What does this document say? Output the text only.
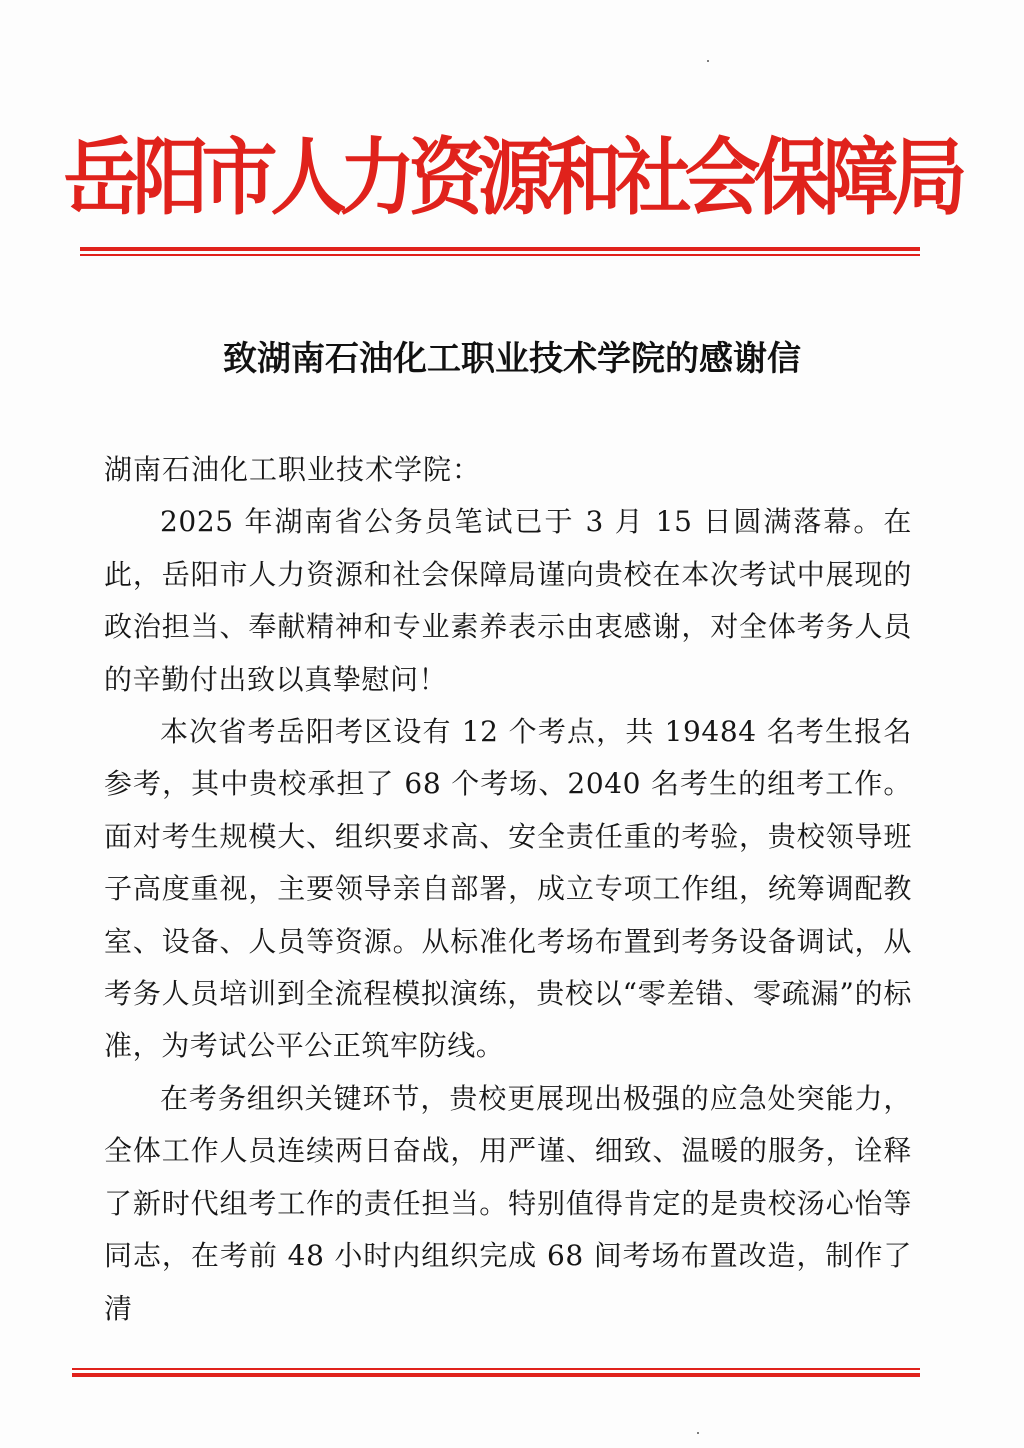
岳阳市人力资源和社会保障局
致湖南石油化工职业技术学院的感谢信

湖南石油化工职业技术学院：

2025 年湖南省公务员笔试已于 3 月 15 日圆满落幕。在此，岳阳市人力资源和社会保障局谨向贵校在本次考试中展现的政治担当、奉献精神和专业素养表示由衷感谢，对全体考务人员的辛勤付出致以真挚慰问！

本次省考岳阳考区设有 12 个考点，共 19484 名考生报名参考，其中贵校承担了 68 个考场、2040 名考生的组考工作。面对考生规模大、组织要求高、安全责任重的考验，贵校领导班子高度重视，主要领导亲自部署，成立专项工作组，统筹调配教室、设备、人员等资源。从标准化考场布置到考务设备调试，从考务人员培训到全流程模拟演练，贵校以“零差错、零疏漏”的标准，为考试公平公正筑牢防线。

在考务组织关键环节，贵校更展现出极强的应急处突能力，全体工作人员连续两日奋战，用严谨、细致、温暖的服务，诠释了新时代组考工作的责任担当。特别值得肯定的是贵校汤心怡等同志，在考前 48 小时内组织完成 68 间考场布置改造，制作了清
